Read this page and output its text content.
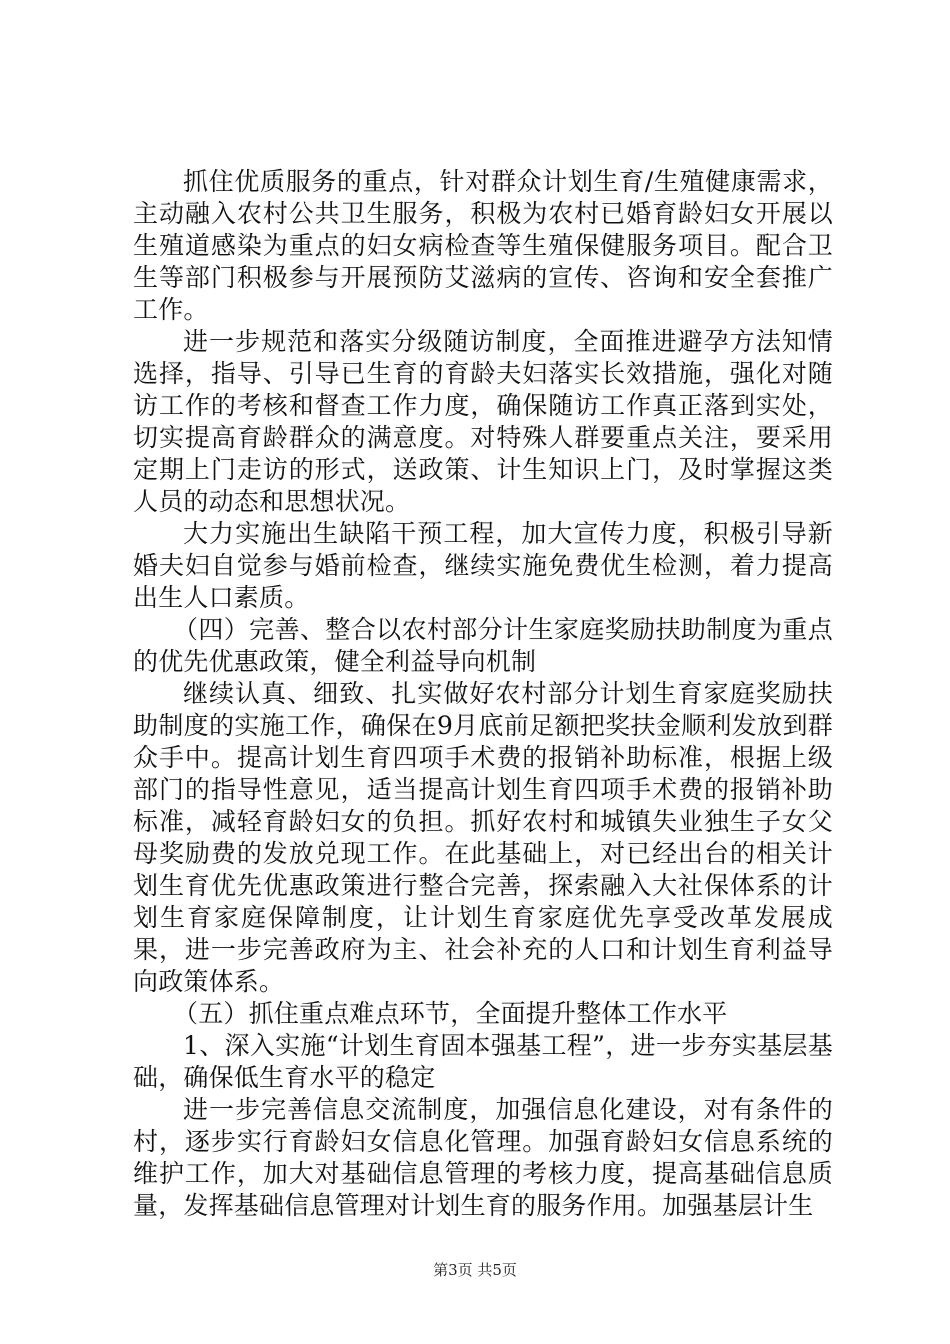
抓住优质服务的重点，针对群众计划生育/生殖健康需求，主动融入农村公共卫生服务，积极为农村已婚育龄妇女开展以生殖道感染为重点的妇女病检查等生殖保健服务项目。配合卫生等部门积极参与开展预防艾滋病的宣传、咨询和安全套推广工作。

进一步规范和落实分级随访制度，全面推进避孕方法知情选择，指导、引导已生育的育龄夫妇落实长效措施，强化对随访工作的考核和督查工作力度，确保随访工作真正落到实处，切实提高育龄群众的满意度。对特殊人群要重点关注，要采用定期上门走访的形式，送政策、计生知识上门，及时掌握这类人员的动态和思想状况。

大力实施出生缺陷干预工程，加大宣传力度，积极引导新婚夫妇自觉参与婚前检查，继续实施免费优生检测，着力提高出生人口素质。

（四）完善、整合以农村部分计生家庭奖励扶助制度为重点的优先优惠政策，健全利益导向机制

继续认真、细致、扎实做好农村部分计划生育家庭奖励扶助制度的实施工作，确保在9月底前足额把奖扶金顺利发放到群众手中。提高计划生育四项手术费的报销补助标准，根据上级部门的指导性意见，适当提高计划生育四项手术费的报销补助标准，减轻育龄妇女的负担。抓好农村和城镇失业独生子女父母奖励费的发放兑现工作。在此基础上，对已经出台的相关计划生育优先优惠政策进行整合完善，探索融入大社保体系的计划生育家庭保障制度，让计划生育家庭优先享受改革发展成果，进一步完善政府为主、社会补充的人口和计划生育利益导向政策体系。

（五）抓住重点难点环节，全面提升整体工作水平

1、深入实施“计划生育固本强基工程”，进一步夯实基层基础，确保低生育水平的稳定

进一步完善信息交流制度，加强信息化建设，对有条件的村，逐步实行育龄妇女信息化管理。加强育龄妇女信息系统的维护工作，加大对基础信息管理的考核力度，提高基础信息质量，发挥基础信息管理对计划生育的服务作用。加强基层计生

第3页 共5页
